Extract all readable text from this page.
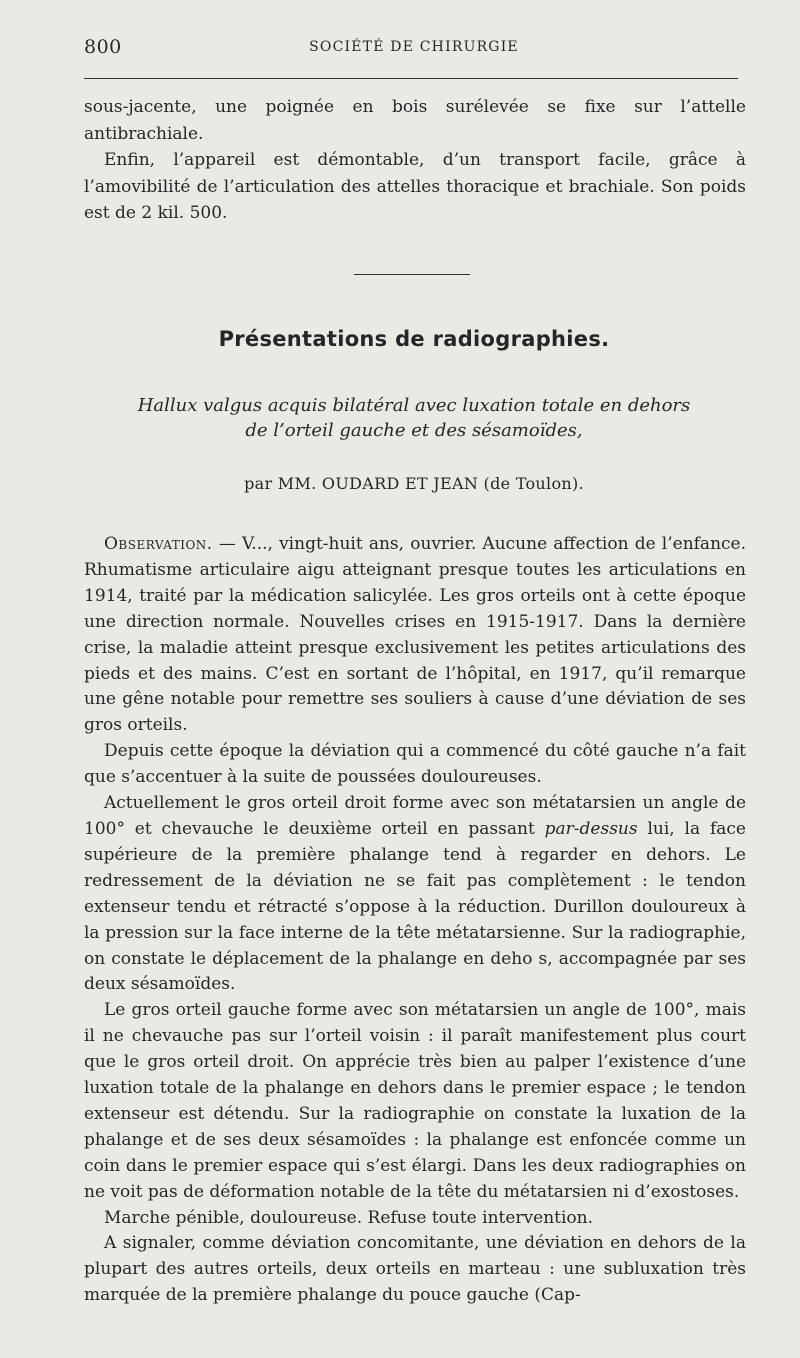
800	SOCIÉTÉ DE CHIRURGIE

sous-jacente, une poignée en bois surélevée se fixe sur l’attelle antibrachiale.

Enfin, l’appareil est démontable, d’un transport facile, grâce à l’amovibilité de l’articulation des attelles thoracique et brachiale. Son poids est de 2 kil. 500.

Présentations de radiographies.
Hallux valgus acquis bilatéral avec luxation totale en dehors
de l’orteil gauche et des sésamoïdes,
par MM. OUDARD ET JEAN (de Toulon).

Observation. — V..., vingt-huit ans, ouvrier. Aucune affection de l’enfance. Rhumatisme articulaire aigu atteignant presque toutes les articulations en 1914, traité par la médication salicylée. Les gros orteils ont à cette époque une direction normale. Nouvelles crises en 1915-1917. Dans la dernière crise, la maladie atteint presque exclusivement les petites articulations des pieds et des mains. C’est en sortant de l’hôpital, en 1917, qu’il remarque une gêne notable pour remettre ses souliers à cause d’une déviation de ses gros orteils.

Depuis cette époque la déviation qui a commencé du côté gauche n’a fait que s’accentuer à la suite de poussées douloureuses.

Actuellement le gros orteil droit forme avec son métatarsien un angle de 100° et chevauche le deuxième orteil en passant par-dessus lui, la face supérieure de la première phalange tend à regarder en dehors. Le redressement de la déviation ne se fait pas complètement : le tendon extenseur tendu et rétracté s’oppose à la réduction. Durillon douloureux à la pression sur la face interne de la tête métatarsienne. Sur la radiographie, on constate le déplacement de la phalange en deho s, accompagnée par ses deux sésamoïdes.

Le gros orteil gauche forme avec son métatarsien un angle de 100°, mais il ne chevauche pas sur l’orteil voisin : il paraît manifestement plus court que le gros orteil droit. On apprécie très bien au palper l’existence d’une luxation totale de la phalange en dehors dans le premier espace ; le tendon extenseur est détendu. Sur la radiographie on constate la luxation de la phalange et de ses deux sésamoïdes : la phalange est enfoncée comme un coin dans le premier espace qui s’est élargi. Dans les deux radiographies on ne voit pas de déformation notable de la tête du métatarsien ni d’exostoses.

Marche pénible, douloureuse. Refuse toute intervention.

A signaler, comme déviation concomitante, une déviation en dehors de la plupart des autres orteils, deux orteils en marteau : une subluxation très marquée de la première phalange du pouce gauche (Cap-
